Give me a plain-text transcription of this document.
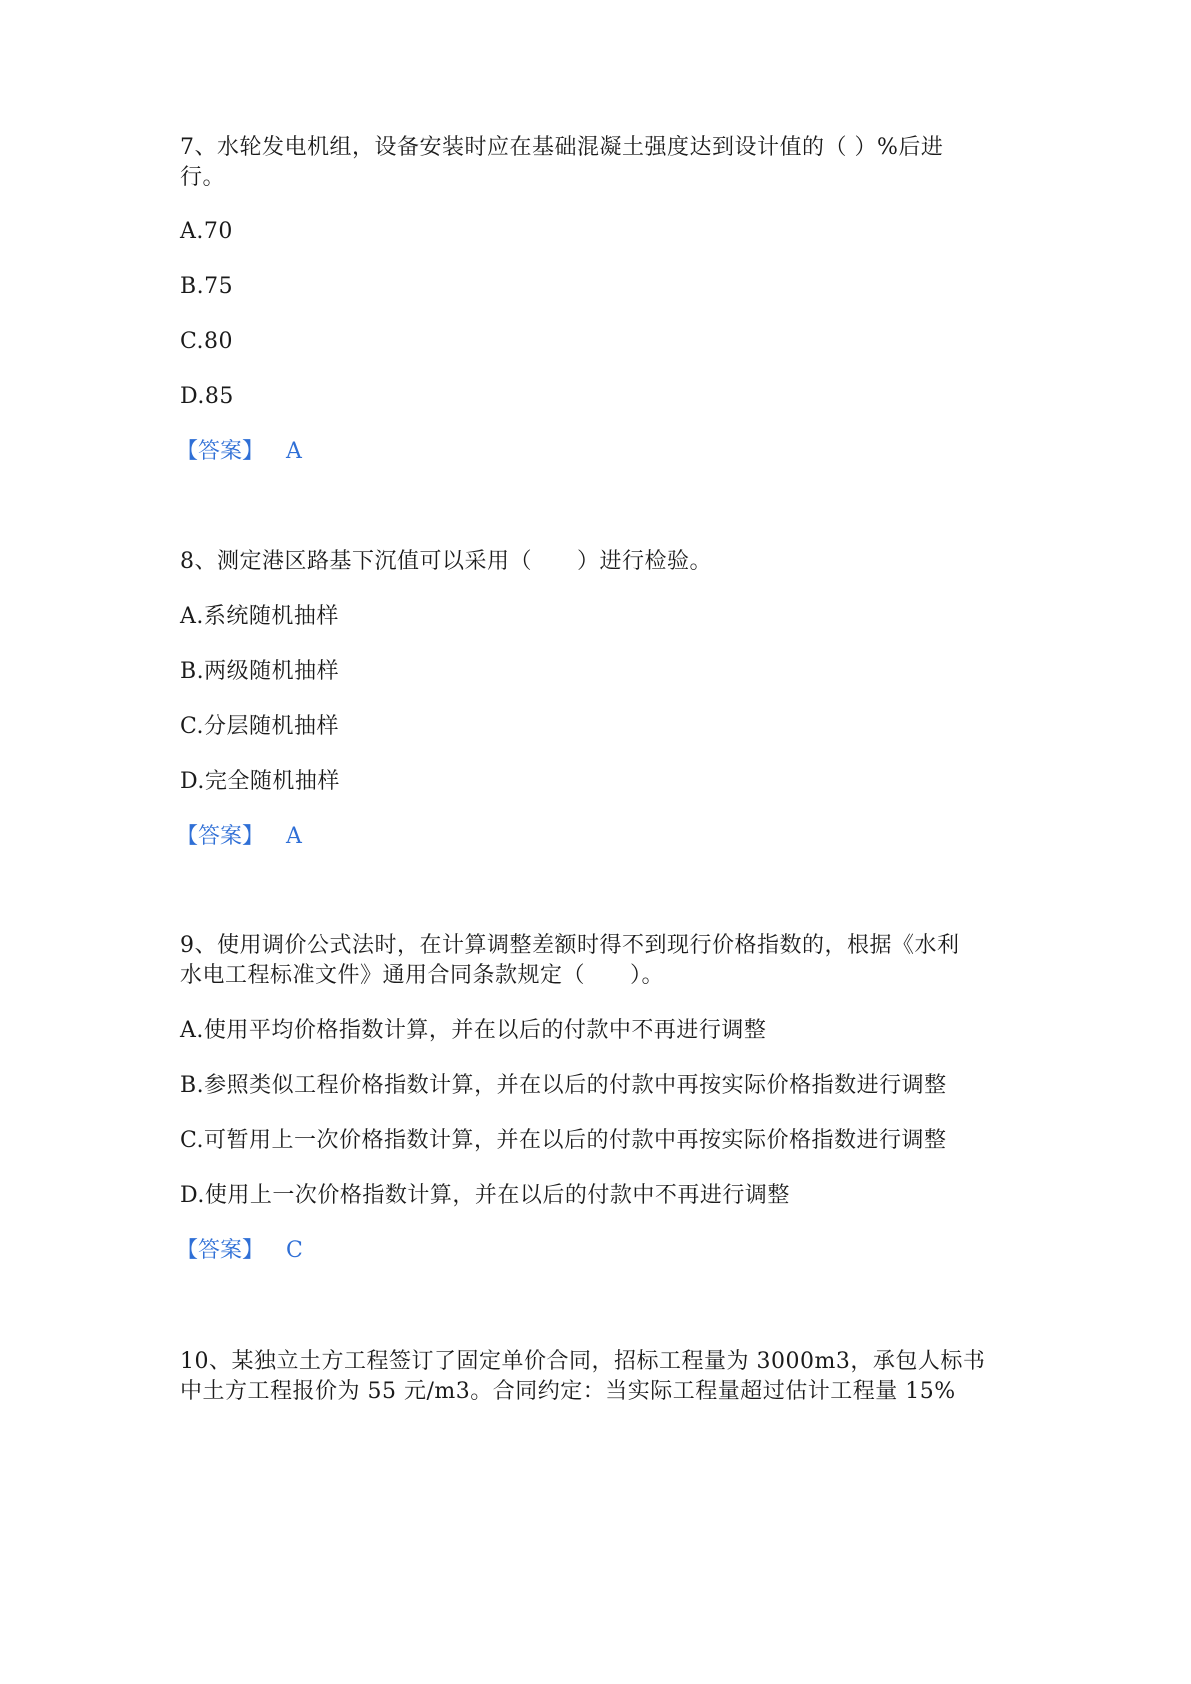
7、水轮发电机组，设备安装时应在基础混凝土强度达到设计值的（ ）%后进
行。
A.70
B.75
C.80
D.85
【答案】 A
8、测定港区路基下沉值可以采用（　　）进行检验。
A.系统随机抽样
B.两级随机抽样
C.分层随机抽样
D.完全随机抽样
【答案】 A
9、使用调价公式法时，在计算调整差额时得不到现行价格指数的，根据《水利
水电工程标准文件》通用合同条款规定（　　）。
A.使用平均价格指数计算，并在以后的付款中不再进行调整
B.参照类似工程价格指数计算，并在以后的付款中再按实际价格指数进行调整
C.可暂用上一次价格指数计算，并在以后的付款中再按实际价格指数进行调整
D.使用上一次价格指数计算，并在以后的付款中不再进行调整
【答案】 C
10、某独立土方工程签订了固定单价合同，招标工程量为 3000m3，承包人标书
中土方工程报价为 55 元/m3。合同约定：当实际工程量超过估计工程量 15%
